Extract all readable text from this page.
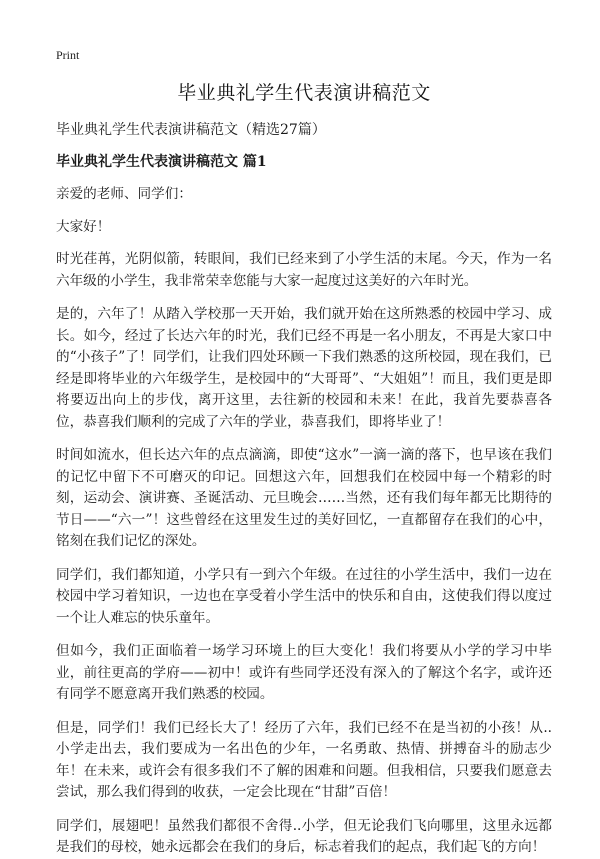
Print
毕业典礼学生代表演讲稿范文
毕业典礼学生代表演讲稿范文（精选27篇）
毕业典礼学生代表演讲稿范文 篇1

亲爱的老师、同学们：

大家好！

时光荏苒，光阴似箭，转眼间，我们已经来到了小学生活的末尾。今天，作为一名六年级的小学生，我非常荣幸您能与大家一起度过这美好的六年时光。

是的，六年了！从踏入学校那一天开始，我们就开始在这所熟悉的校园中学习、成长。如今，经过了长达六年的时光，我们已经不再是一名小朋友，不再是大家口中的“小孩子”了！同学们，让我们四处环顾一下我们熟悉的这所校园，现在我们，已经是即将毕业的六年级学生，是校园中的“大哥哥”、“大姐姐”！而且，我们更是即将要迈出向上的步伐，离开这里，去往新的校园和未来！在此，我首先要恭喜各位，恭喜我们顺利的完成了六年的学业，恭喜我们，即将毕业了！

时间如流水，但长达六年的点点滴滴，即使“这水”一滴一滴的落下，也早该在我们的记忆中留下不可磨灭的印记。回想这六年，回想我们在校园中每一个精彩的时刻，运动会、演讲赛、圣诞活动、元旦晚会……当然，还有我们每年都无比期待的节日——“六一”！这些曾经在这里发生过的美好回忆，一直都留存在我们的心中，铭刻在我们记忆的深处。

同学们，我们都知道，小学只有一到六个年级。在过往的小学生活中，我们一边在校园中学习着知识，一边也在享受着小学生活中的快乐和自由，这使我们得以度过一个让人难忘的快乐童年。

但如今，我们正面临着一场学习环境上的巨大变化！我们将要从小学的学习中毕业，前往更高的学府——初中！或许有些同学还没有深入的了解这个名字，或许还有同学不愿意离开我们熟悉的校园。

但是，同学们！我们已经长大了！经历了六年，我们已经不在是当初的小孩！从..小学走出去，我们要成为一名出色的少年，一名勇敢、热情、拼搏奋斗的励志少年！在未来，或许会有很多我们不了解的困难和问题。但我相信，只要我们愿意去尝试，那么我们得到的收获，一定会比现在“甘甜”百倍！

同学们，展翅吧！虽然我们都很不舍得..小学，但无论我们飞向哪里，这里永远都是我们的母校，她永远都会在我们的身后，标志着我们的起点，我们起飞的方向！
